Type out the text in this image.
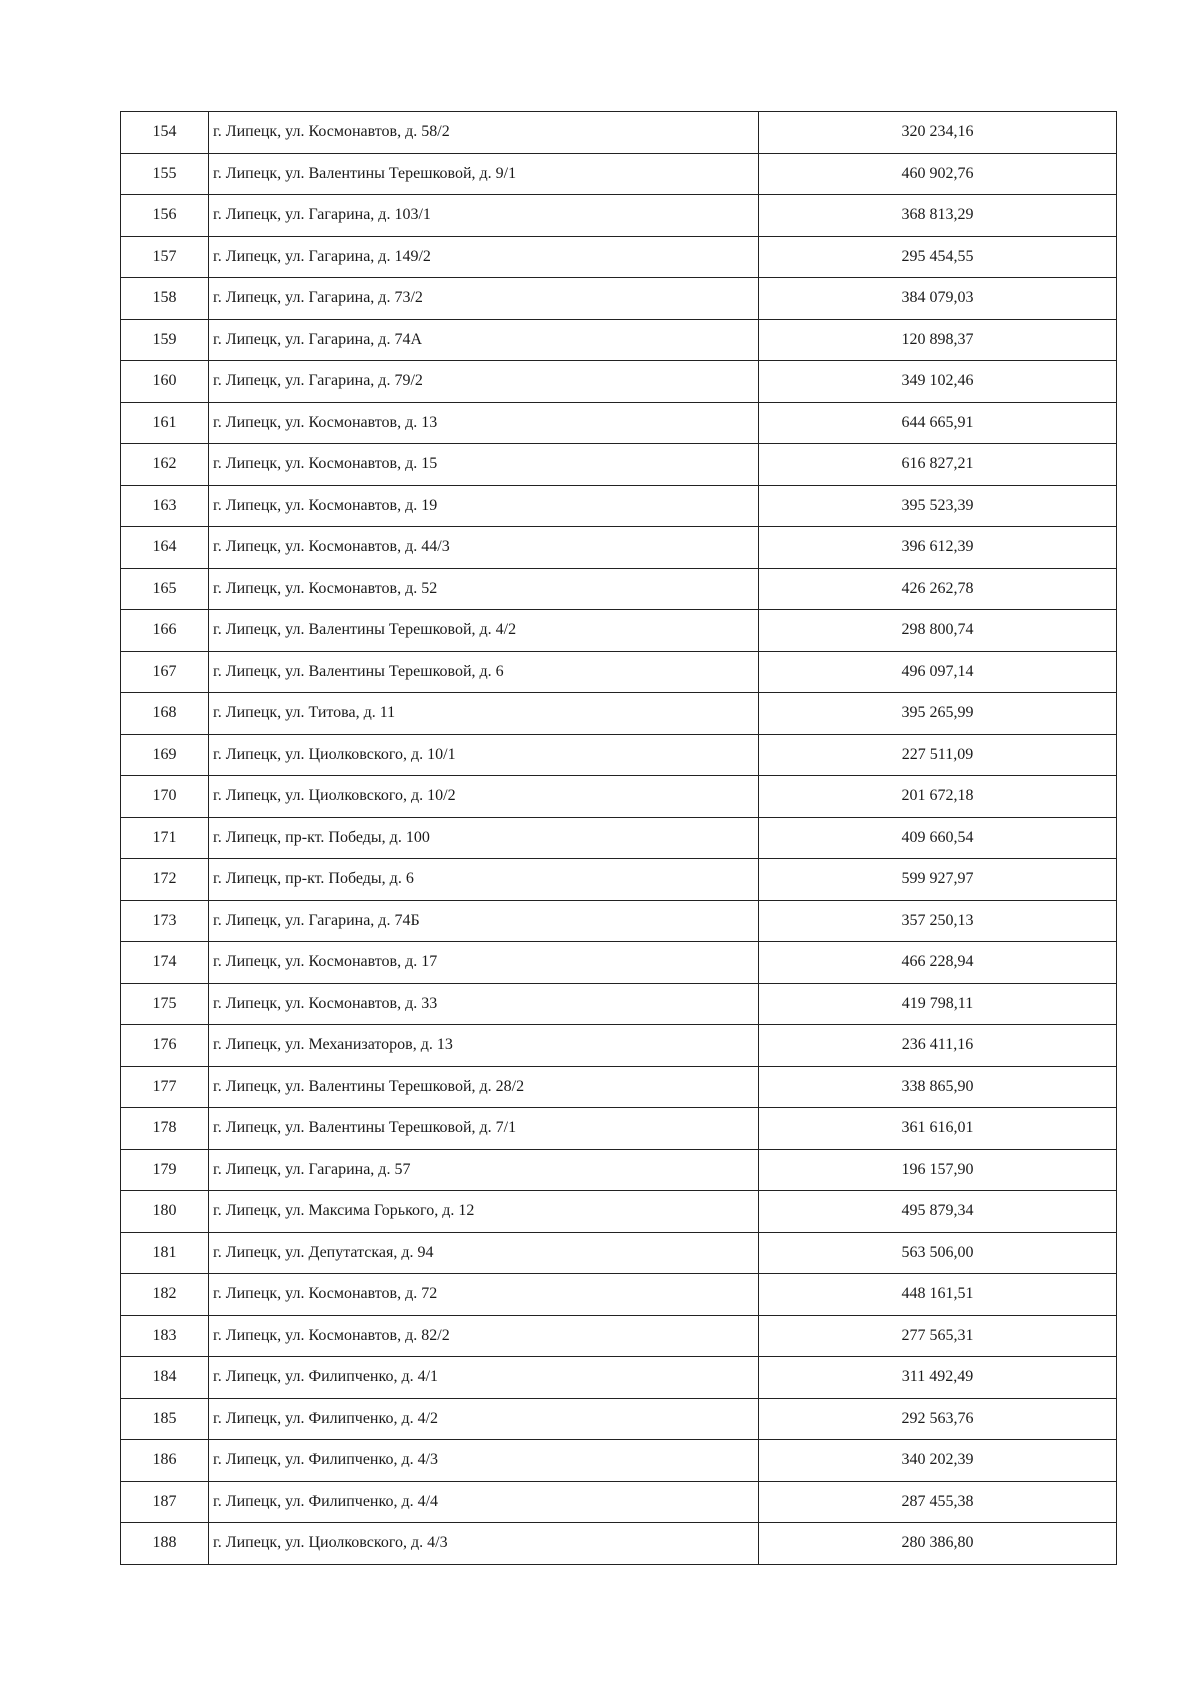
154	г. Липецк, ул. Космонавтов, д. 58/2	320 234,16
155	г. Липецк, ул. Валентины Терешковой, д. 9/1	460 902,76
156	г. Липецк, ул. Гагарина, д. 103/1	368 813,29
157	г. Липецк, ул. Гагарина, д. 149/2	295 454,55
158	г. Липецк, ул. Гагарина, д. 73/2	384 079,03
159	г. Липецк, ул. Гагарина, д. 74А	120 898,37
160	г. Липецк, ул. Гагарина, д. 79/2	349 102,46
161	г. Липецк, ул. Космонавтов, д. 13	644 665,91
162	г. Липецк, ул. Космонавтов, д. 15	616 827,21
163	г. Липецк, ул. Космонавтов, д. 19	395 523,39
164	г. Липецк, ул. Космонавтов, д. 44/3	396 612,39
165	г. Липецк, ул. Космонавтов, д. 52	426 262,78
166	г. Липецк, ул. Валентины Терешковой, д. 4/2	298 800,74
167	г. Липецк, ул. Валентины Терешковой, д. 6	496 097,14
168	г. Липецк, ул. Титова, д. 11	395 265,99
169	г. Липецк, ул. Циолковского, д. 10/1	227 511,09
170	г. Липецк, ул. Циолковского, д. 10/2	201 672,18
171	г. Липецк, пр-кт. Победы, д. 100	409 660,54
172	г. Липецк, пр-кт. Победы, д. 6	599 927,97
173	г. Липецк, ул. Гагарина, д. 74Б	357 250,13
174	г. Липецк, ул. Космонавтов, д. 17	466 228,94
175	г. Липецк, ул. Космонавтов, д. 33	419 798,11
176	г. Липецк, ул. Механизаторов, д. 13	236 411,16
177	г. Липецк, ул. Валентины Терешковой, д. 28/2	338 865,90
178	г. Липецк, ул. Валентины Терешковой, д. 7/1	361 616,01
179	г. Липецк, ул. Гагарина, д. 57	196 157,90
180	г. Липецк, ул. Максима Горького, д. 12	495 879,34
181	г. Липецк, ул. Депутатская, д. 94	563 506,00
182	г. Липецк, ул. Космонавтов, д. 72	448 161,51
183	г. Липецк, ул. Космонавтов, д. 82/2	277 565,31
184	г. Липецк, ул. Филипченко, д. 4/1	311 492,49
185	г. Липецк, ул. Филипченко, д. 4/2	292 563,76
186	г. Липецк, ул. Филипченко, д. 4/3	340 202,39
187	г. Липецк, ул. Филипченко, д. 4/4	287 455,38
188	г. Липецк, ул. Циолковского, д. 4/3	280 386,80
